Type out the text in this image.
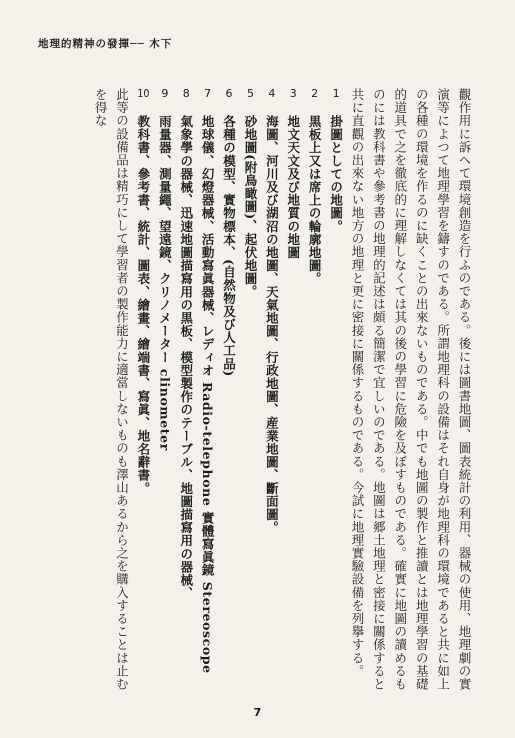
地理的精神の發揮── 木下

觀作用に訴へて環境創造を行ふのである。後には圖書地圖、圖表統計の利用、器械の使用、地理劇の實演等によつて地理學習を鑄すのである。所謂地理科の設備はそれ自身が地理科の環境であると共に如上の各種の環境を作るのに缺くことの出來ないものである。中でも地圖の製作と推讀とは地理學習の基礎的道具で之を徹底的に理解しなくては其の後の學習に危險を及ぼすものである。確實に地圖の讀めるものには教科書や參考書の地理的記述は頗る簡潔で宜しいのである。地圖は郷土地理と密接に關係すると共に直觀の出來ない地方の地理と更に密接に關係するものである。今試に地理實驗設備を列擧する。

1掛圖としての地圖。
2黒板上又は席上の輪廓地圖。
3地文天文及び地質の地圖
4海圖、河川及び湖沼の地圖、天氣地圖、行政地圖、産業地圖、斷面圖。
5砂地圖(附鳥瞰圖)、起伏地圖。
6各種の模型、實物標本、(自然物及び人工品)
7地球儀、幻燈器械、活動寫眞器械、レディオ Radio-telephone 實體寫眞鏡 Stereoscope
8氣象學の器械、迅速地圖描寫用の黒板、模型製作のテーブル、地圖描寫用の器械、
9雨量器、測量繩、望遠鏡、クリノメーター clinometer
10教科書、參考書、統計、圖表、繪畫、繪端書、寫眞、地名辭書。

此等の設備品は精巧にして學習者の製作能力に適當しないものも澤山あるから之を購入することは止むを得な

7
